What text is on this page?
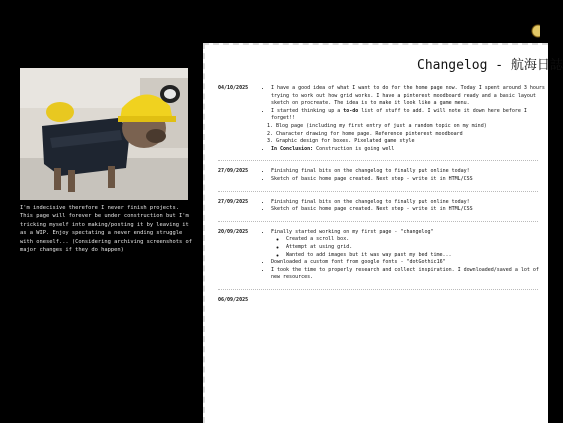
I'm indecisive therefore I never finish projects. This page will forever be under construction but I'm tricking myself into making/posting it by leaving it as a WIP. Enjoy spectating a never ending struggle with oneself... (Considering archiving screenshots of major changes if they do happen)
Changelog - 航海日誌
04/10/2025	• I have a good idea of what I want to do for the home page now. Today I spent around 3 hours trying to work out how grid works. I have a pinterest moodboard ready and a basic layout sketch on procreate. The idea is to make it look like a game menu.
• I started thinking up a to-do list of stuff to add. I will note it down here before I forget!!
1. Blog page (including my first entry of just a random topic on my mind)
2. Character drawing for home page. Reference pinterest moodboard
3. Graphic design for boxes. Pixelated game style
• In Conclusion: Construction is going well
27/09/2025	• Finishing final bits on the changelog to finally put online today!
• Sketch of basic home page created. Next step - write it in HTML/CSS
27/09/2025	• Finishing final bits on the changelog to finally put online today!
• Sketch of basic home page created. Next step - write it in HTML/CSS
20/09/2025	• Finally started working on my first page - "changelog"
◦ Created a scroll box.
◦ Attempt at using grid.
◦ Wanted to add images but it was way past my bed time...
• Downloaded a custom font from google fonts - "dotGothic16"
• I took the time to properly research and collect inspiration. I downloaded/saved a lot of new resources.
06/09/2025
